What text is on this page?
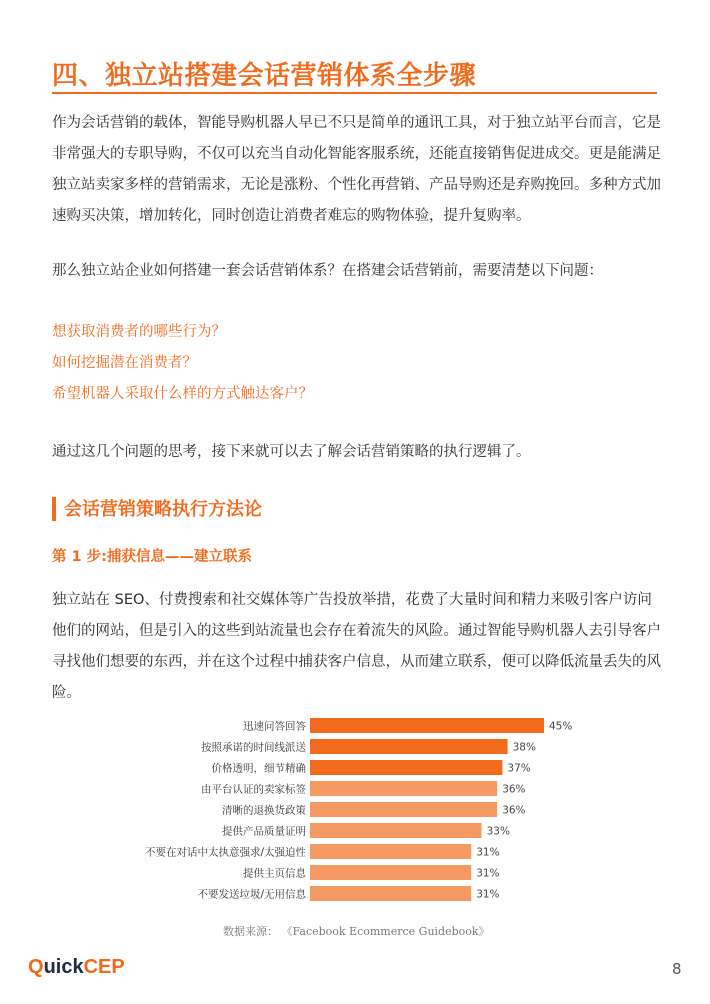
四、独立站搭建会话营销体系全步骤
作为会话营销的载体，智能导购机器人早已不只是简单的通讯工具，对于独立站平台而言，它是非常强大的专职导购，不仅可以充当自动化智能客服系统，还能直接销售促进成交。更是能满足独立站卖家多样的营销需求，无论是涨粉、个性化再营销、产品导购还是弃购挽回。多种方式加速购买决策，增加转化，同时创造让消费者难忘的购物体验，提升复购率。
那么独立站企业如何搭建一套会话营销体系？在搭建会话营销前，需要清楚以下问题：
想获取消费者的哪些行为？
如何挖掘潜在消费者？
希望机器人采取什么样的方式触达客户？
通过这几个问题的思考，接下来就可以去了解会话营销策略的执行逻辑了。
会话营销策略执行方法论
第 1 步:捕获信息——建立联系
独立站在 SEO、付费搜索和社交媒体等广告投放举措，花费了大量时间和精力来吸引客户访问他们的网站，但是引入的这些到站流量也会存在着流失的风险。通过智能导购机器人去引导客户寻找他们想要的东西，并在这个过程中捕获客户信息，从而建立联系，便可以降低流量丢失的风险。
迅速问答回答	45%
按照承诺的时间线派送	38%
价格透明，细节精确	37%
由平台认证的卖家标签	36%
清晰的退换货政策	36%
提供产品质量证明	33%
不要在对话中太执意强求/太强迫性	31%
提供主页信息	31%
不要发送垃圾/无用信息	31%
数据来源： 《Facebook Ecommerce Guidebook》
QuickCEP	8
